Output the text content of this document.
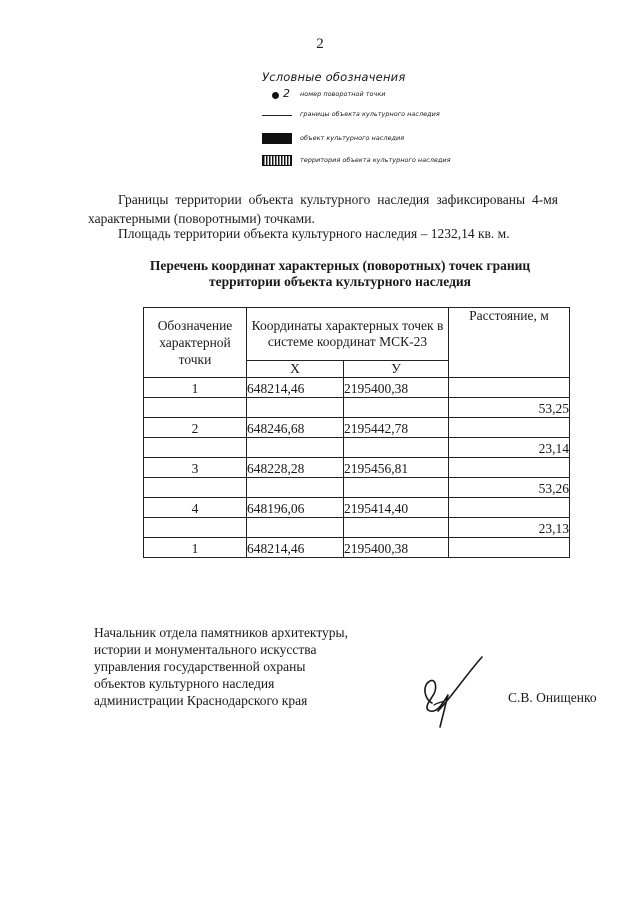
2
Условные обозначения
2 номер поворотной точки
границы объекта культурного наследия
объект культурного наследия
территория объекта культурного наследия
Границы территории объекта культурного наследия зафиксированы 4-мя
характерными (поворотными) точками.
Площадь территории объекта культурного наследия – 1232,14 кв. м.
Перечень координат характерных (поворотных) точек границ
территории объекта культурного наследия
Обозначение характерной точки	Координаты характерных точек в системе координат МСК-23		Расстояние, м
	X	У	
1	648214,46	2195400,38	
			53,25
2	648246,68	2195442,78	
			23,14
3	648228,28	2195456,81	
			53,26
4	648196,06	2195414,40	
			23,13
1	648214,46	2195400,38	
Начальник отдела памятников архитектуры,
истории и монументального искусства
управления государственной охраны
объектов культурного наследия
администрации Краснодарского края	С.В. Онищенко
